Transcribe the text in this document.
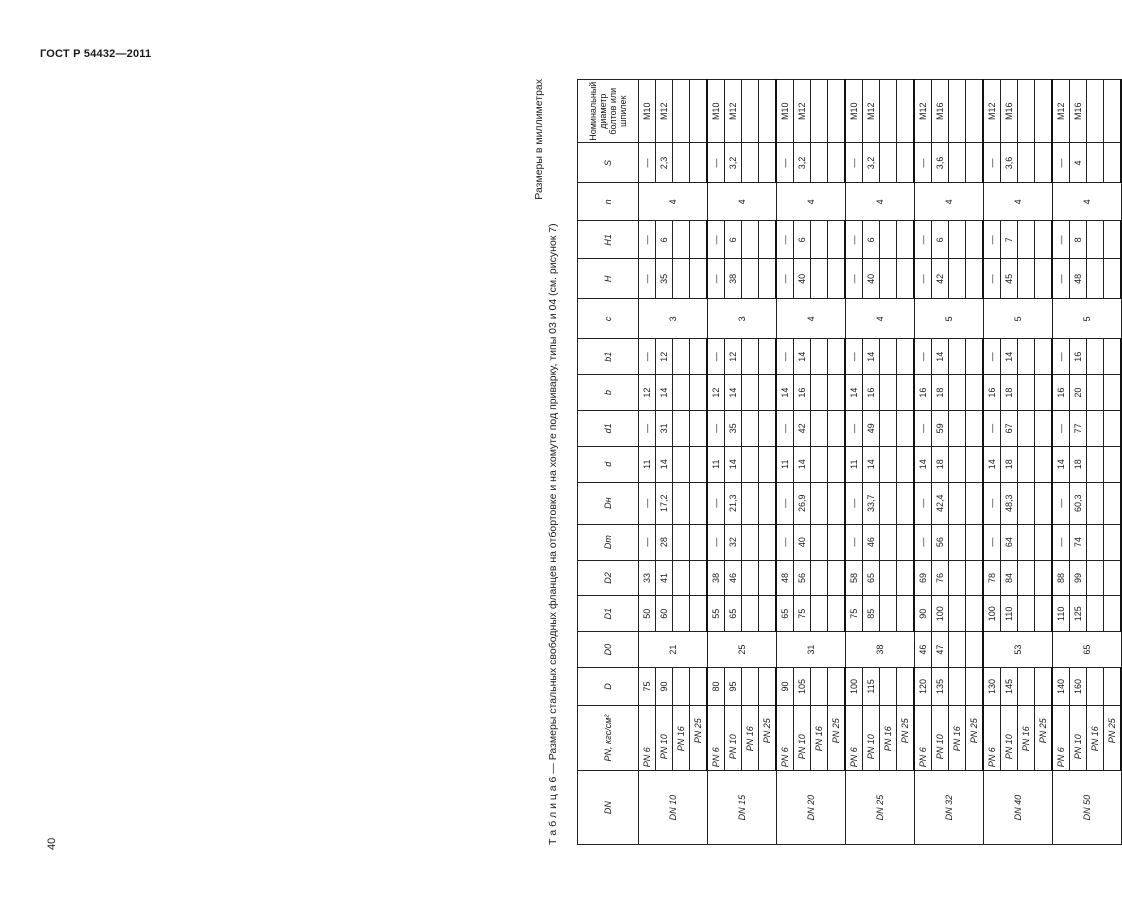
ГОСТ Р 54432—2011
40
Размеры в миллиметрах
Т а б л и ц а 6 — Размеры стальных свободных фланцев на отбортовке и на хомуте под приварку, типы 03 и 04 (см. рисунок 7)	DN	PN, кгс/см²	D	D0	D1	D2	Dm	Dн	d	d1	b	b1	c	H	H1	n	S	Номинальный диаметр болтов или шпилек
DN 10	PN 6	75	21	50	33	—	—	11	—	12	—	3	—	—	4	—	M10
	PN 10	90		60	41	28	17,2	14	31	14	12		35	6		2,3	M12
	PN 16																
	PN 25																
DN 15	PN 6	80	25	55	38	—	—	11	—	12	—	3	—	—	4	—	M10
	PN 10	95		65	46	32	21,3	14	35	14	12		38	6		3,2	M12
	PN 16																
	PN 25																
DN 20	PN 6	90	31	65	48	—	—	11	—	14	—	4	—	—	4	—	M10
	PN 10	105		75	56	40	26,9	14	42	16	14		40	6		3,2	M12
	PN 16																
	PN 25																
DN 25	PN 6	100	38	75	58	—	—	11	—	14	—	4	—	—	4	—	M10
	PN 10	115		85	65	46	33,7	14	49	16	14		40	6		3,2	M12
	PN 16																
	PN 25																
DN 32	PN 6	120	46	90	69	—	—	14	—	16	—	5	—	—	4	—	M12
	PN 10	135	47	100	76	56	42,4	18	59	18	14		42	6		3,6	M16
	PN 16																
	PN 25																
DN 40	PN 6	130	53	100	78	—	—	14	—	16	—	5	—	—	4	—	M12
	PN 10	145		110	84	64	48,3	18	67	18	14		45	7		3,6	M16
	PN 16																
	PN 25																
DN 50	PN 6	140	65	110	88	—	—	14	—	16	—	5	—	—	4	—	M12
	PN 10	160		125	99	74	60,3	18	77	20	16		48	8		4	M16
	PN 16																
	PN 25																
